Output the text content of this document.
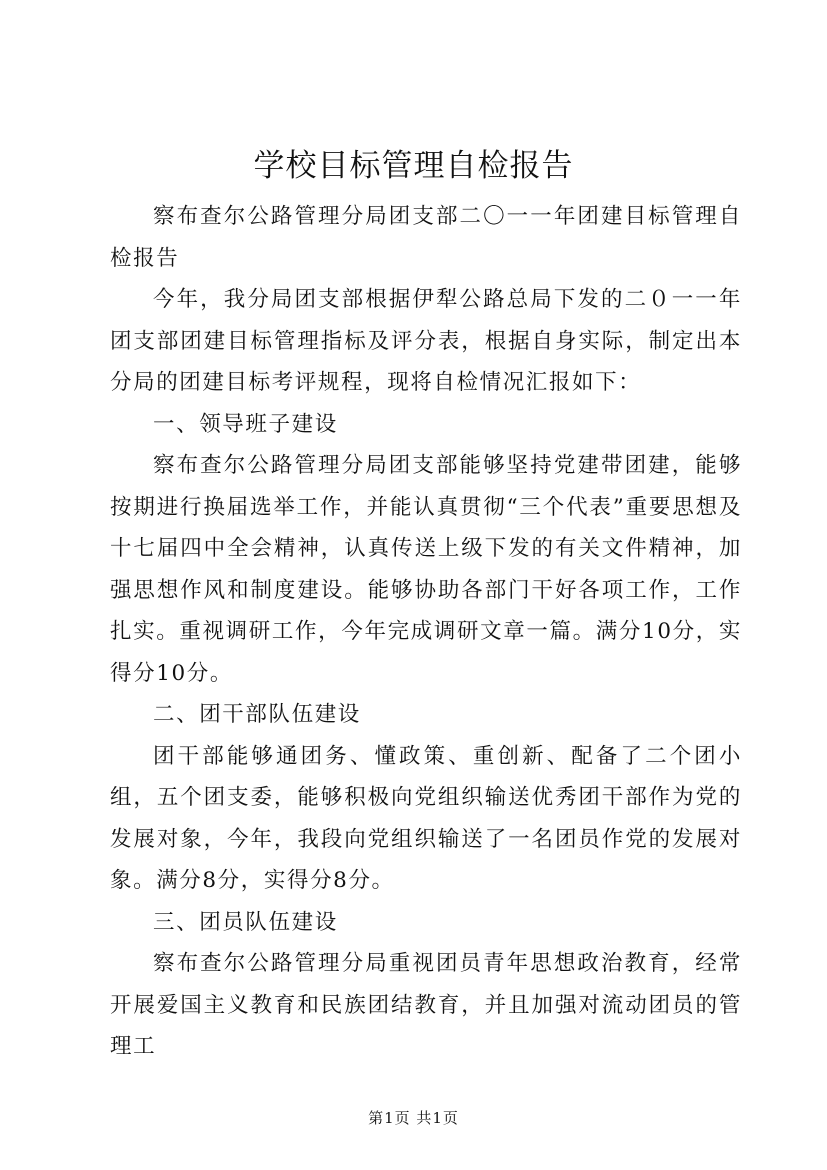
学校目标管理自检报告

察布查尔公路管理分局团支部二〇一一年团建目标管理自检报告

今年，我分局团支部根据伊犁公路总局下发的二０一一年团支部团建目标管理指标及评分表，根据自身实际，制定出本分局的团建目标考评规程，现将自检情况汇报如下：

一、领导班子建设

察布查尔公路管理分局团支部能够坚持党建带团建，能够按期进行换届选举工作，并能认真贯彻“三个代表”重要思想及十七届四中全会精神，认真传送上级下发的有关文件精神，加强思想作风和制度建设。能够协助各部门干好各项工作，工作扎实。重视调研工作，今年完成调研文章一篇。满分10分，实得分10分。

二、团干部队伍建设

团干部能够通团务、懂政策、重创新、配备了二个团小组，五个团支委，能够积极向党组织输送优秀团干部作为党的发展对象，今年，我段向党组织输送了一名团员作党的发展对象。满分8分，实得分8分。

三、团员队伍建设

察布查尔公路管理分局重视团员青年思想政治教育，经常开展爱国主义教育和民族团结教育，并且加强对流动团员的管理工

第1页 共1页
